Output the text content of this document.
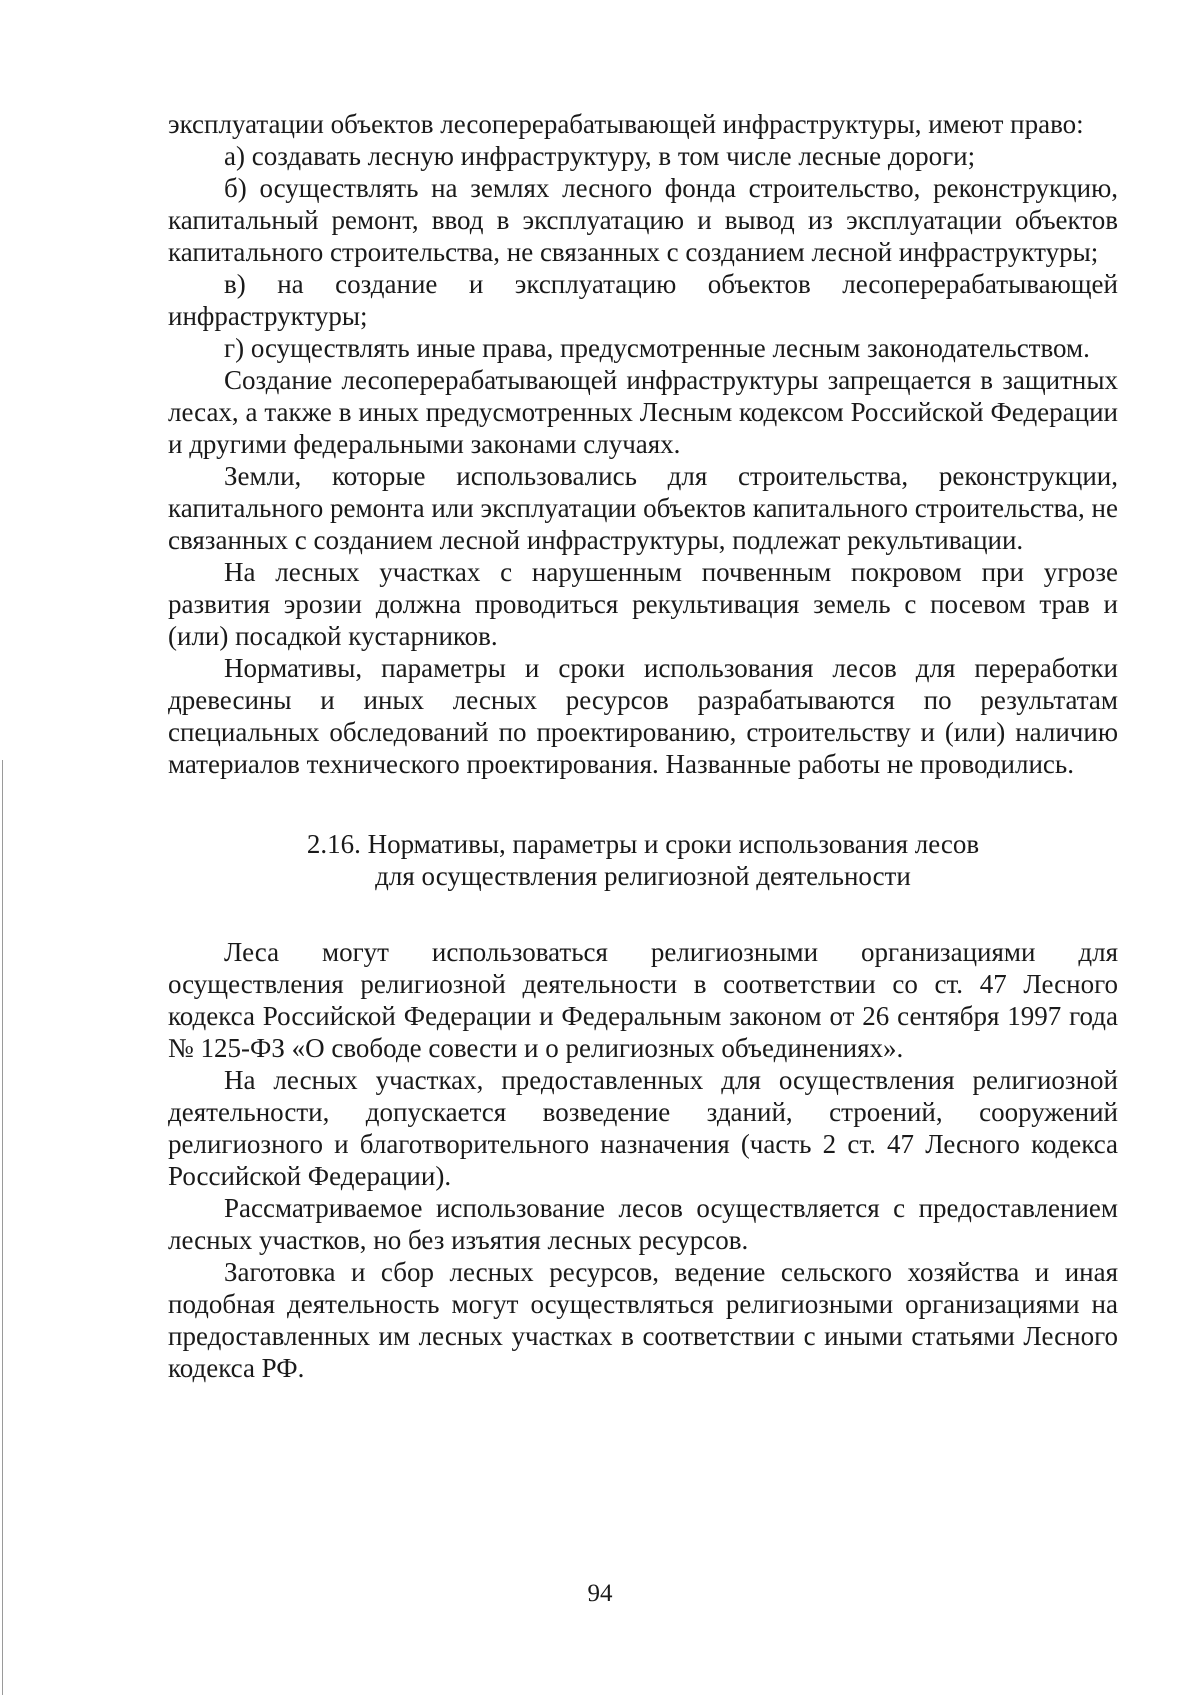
эксплуатации объектов лесоперерабатывающей инфраструктуры, имеют право:

а) создавать лесную инфраструктуру, в том числе лесные дороги;

б) осуществлять на землях лесного фонда строительство, реконструкцию, капитальный ремонт, ввод в эксплуатацию и вывод из эксплуатации объектов капитального строительства, не связанных с созданием лесной инфраструктуры;

в) на создание и эксплуатацию объектов лесоперерабатывающей инфраструктуры;

г) осуществлять иные права, предусмотренные лесным законодательством.

Создание лесоперерабатывающей инфраструктуры запрещается в защитных лесах, а также в иных предусмотренных Лесным кодексом Российской Федерации и другими федеральными законами случаях.

Земли, которые использовались для строительства, реконструкции, капитального ремонта или эксплуатации объектов капитального строительства, не связанных с созданием лесной инфраструктуры, подлежат рекультивации.

На лесных участках с нарушенным почвенным покровом при угрозе развития эрозии должна проводиться рекультивация земель с посевом трав и (или) посадкой кустарников.

Нормативы, параметры и сроки использования лесов для переработки древесины и иных лесных ресурсов разрабатываются по результатам специальных обследований по проектированию, строительству и (или) наличию материалов технического проектирования. Названные работы не проводились.

2.16. Нормативы, параметры и сроки использования лесов
для осуществления религиозной деятельности

Леса могут использоваться религиозными организациями для осуществления религиозной деятельности в соответствии со ст. 47 Лесного кодекса Российской Федерации и Федеральным законом от 26 сентября 1997 года № 125-ФЗ «О свободе совести и о религиозных объединениях».

На лесных участках, предоставленных для осуществления религиозной деятельности, допускается возведение зданий, строений, сооружений религиозного и благотворительного назначения (часть 2 ст. 47 Лесного кодекса Российской Федерации).

Рассматриваемое использование лесов осуществляется с предоставлением лесных участков, но без изъятия лесных ресурсов.

Заготовка и сбор лесных ресурсов, ведение сельского хозяйства и иная подобная деятельность могут осуществляться религиозными организациями на предоставленных им лесных участках в соответствии с иными статьями Лесного кодекса РФ.

94
